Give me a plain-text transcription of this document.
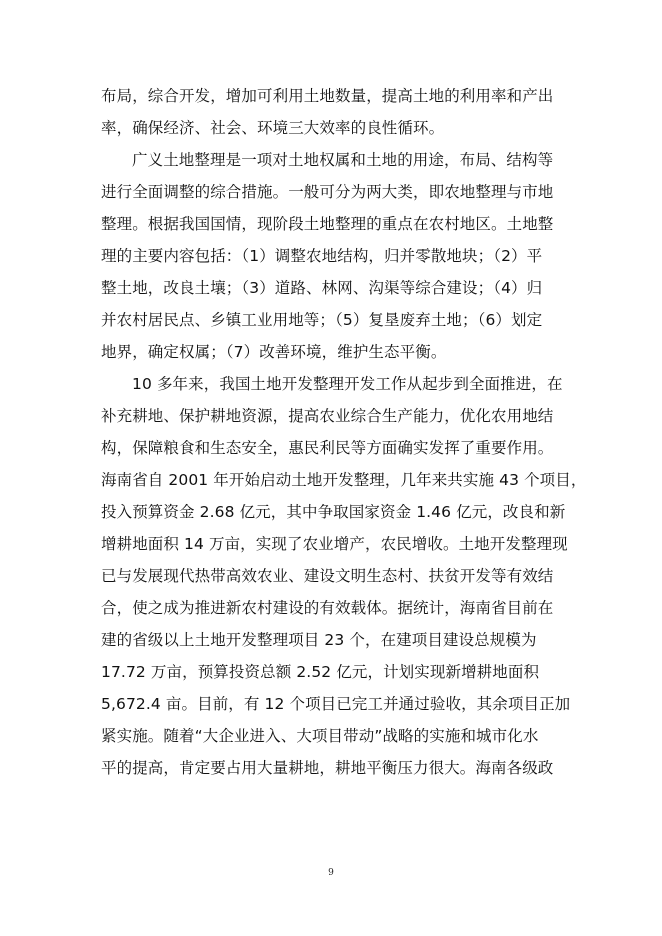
布局，综合开发，增加可利用土地数量，提高土地的利用率和产出
率，确保经济、社会、环境三大效率的良性循环。
广义土地整理是一项对土地权属和土地的用途，布局、结构等
进行全面调整的综合措施。一般可分为两大类，即农地整理与市地
整理。根据我国国情，现阶段土地整理的重点在农村地区。土地整
理的主要内容包括：（1）调整农地结构，归并零散地块；（2）平
整土地，改良土壤；（3）道路、林网、沟渠等综合建设；（4）归
并农村居民点、乡镇工业用地等；（5）复垦废弃土地；（6）划定
地界，确定权属；（7）改善环境，维护生态平衡。
10 多年来，我国土地开发整理开发工作从起步到全面推进，在
补充耕地、保护耕地资源，提高农业综合生产能力，优化农用地结
构，保障粮食和生态安全，惠民利民等方面确实发挥了重要作用。
海南省自 2001 年开始启动土地开发整理，几年来共实施 43 个项目，
投入预算资金 2.68 亿元，其中争取国家资金 1.46 亿元，改良和新
增耕地面积 14 万亩，实现了农业增产，农民增收。土地开发整理现
已与发展现代热带高效农业、建设文明生态村、扶贫开发等有效结
合，使之成为推进新农村建设的有效载体。据统计，海南省目前在
建的省级以上土地开发整理项目 23 个，在建项目建设总规模为
17.72 万亩，预算投资总额 2.52 亿元，计划实现新增耕地面积
5,672.4 亩。目前，有 12 个项目已完工并通过验收，其余项目正加
紧实施。随着“大企业进入、大项目带动”战略的实施和城市化水
平的提高，肯定要占用大量耕地，耕地平衡压力很大。海南各级政
9
